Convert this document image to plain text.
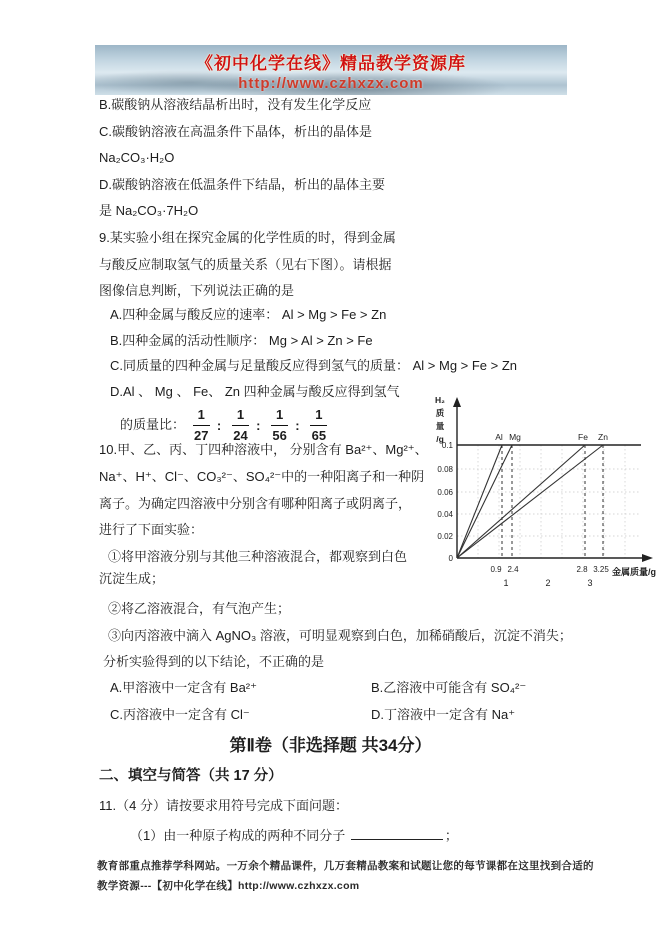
《初中化学在线》精品教学资源库
http://www.czhxzx.com
B.碳酸钠从溶液结晶析出时，没有发生化学反应
C.碳酸钠溶液在高温条件下晶体，析出的晶体是
Na₂CO₃·H₂O
D.碳酸钠溶液在低温条件下结晶，析出的晶体主要
是 Na₂CO₃·7H₂O
9.某实验小组在探究金属的化学性质的时，得到金属
与酸反应制取氢气的质量关系（见右下图）。请根据
图像信息判断，下列说法正确的是
A.四种金属与酸反应的速率： Al > Mg > Fe > Zn
B.四种金属的活动性顺序： Mg > Al > Zn > Fe
C.同质量的四种金属与足量酸反应得到氢气的质量： Al > Mg > Fe > Zn
D.Al 、 Mg 、 Fe、 Zn 四种金属与酸反应得到氢气
的质量比： $\frac{1}{27}$ : $\frac{1}{24}$ : $\frac{1}{56}$ : $\frac{1}{65}$
10.甲、乙、丙、丁四种溶液中， 分别含有 Ba²⁺、Mg²⁺、
Na⁺、H⁺、Cl⁻、CO₃²⁻、SO₄²⁻中的一种阳离子和一种阴
离子。为确定四溶液中分别含有哪种阳离子或阴离子，
进行了下面实验：
①将甲溶液分别与其他三种溶液混合，都观察到白色
沉淀生成；
②将乙溶液混合，有气泡产生；
③向丙溶液中滴入 AgNO₃ 溶液，可明显观察到白色，加稀硝酸后，沉淀不消失；
分析实验得到的以下结论，不正确的是
A.甲溶液中一定含有 Ba²⁺	B.乙溶液中可能含有 SO₄²⁻
C.丙溶液中一定含有 Cl⁻	D.丁溶液中一定含有 Na⁺
第Ⅱ卷（非选择题 共34分）
二、填空与简答（共 17 分）
11.（4 分）请按要求用符号完成下面问题：
（1）由一种原子构成的两种不同分子	；
教育部重点推荐学科网站。一万余个精品课件，几万套精品教案和试题让您的每节课都在这里找到合适的
教学资源---【初中化学在线】http://www.czhxzx.com
Al Mg	Fe Zn
0.1
0.08
0.06
0.04
0.02
0
0.9 2.4	2.8 3.25
1	2	3
金属质量/g
H₂
质
量
/g
